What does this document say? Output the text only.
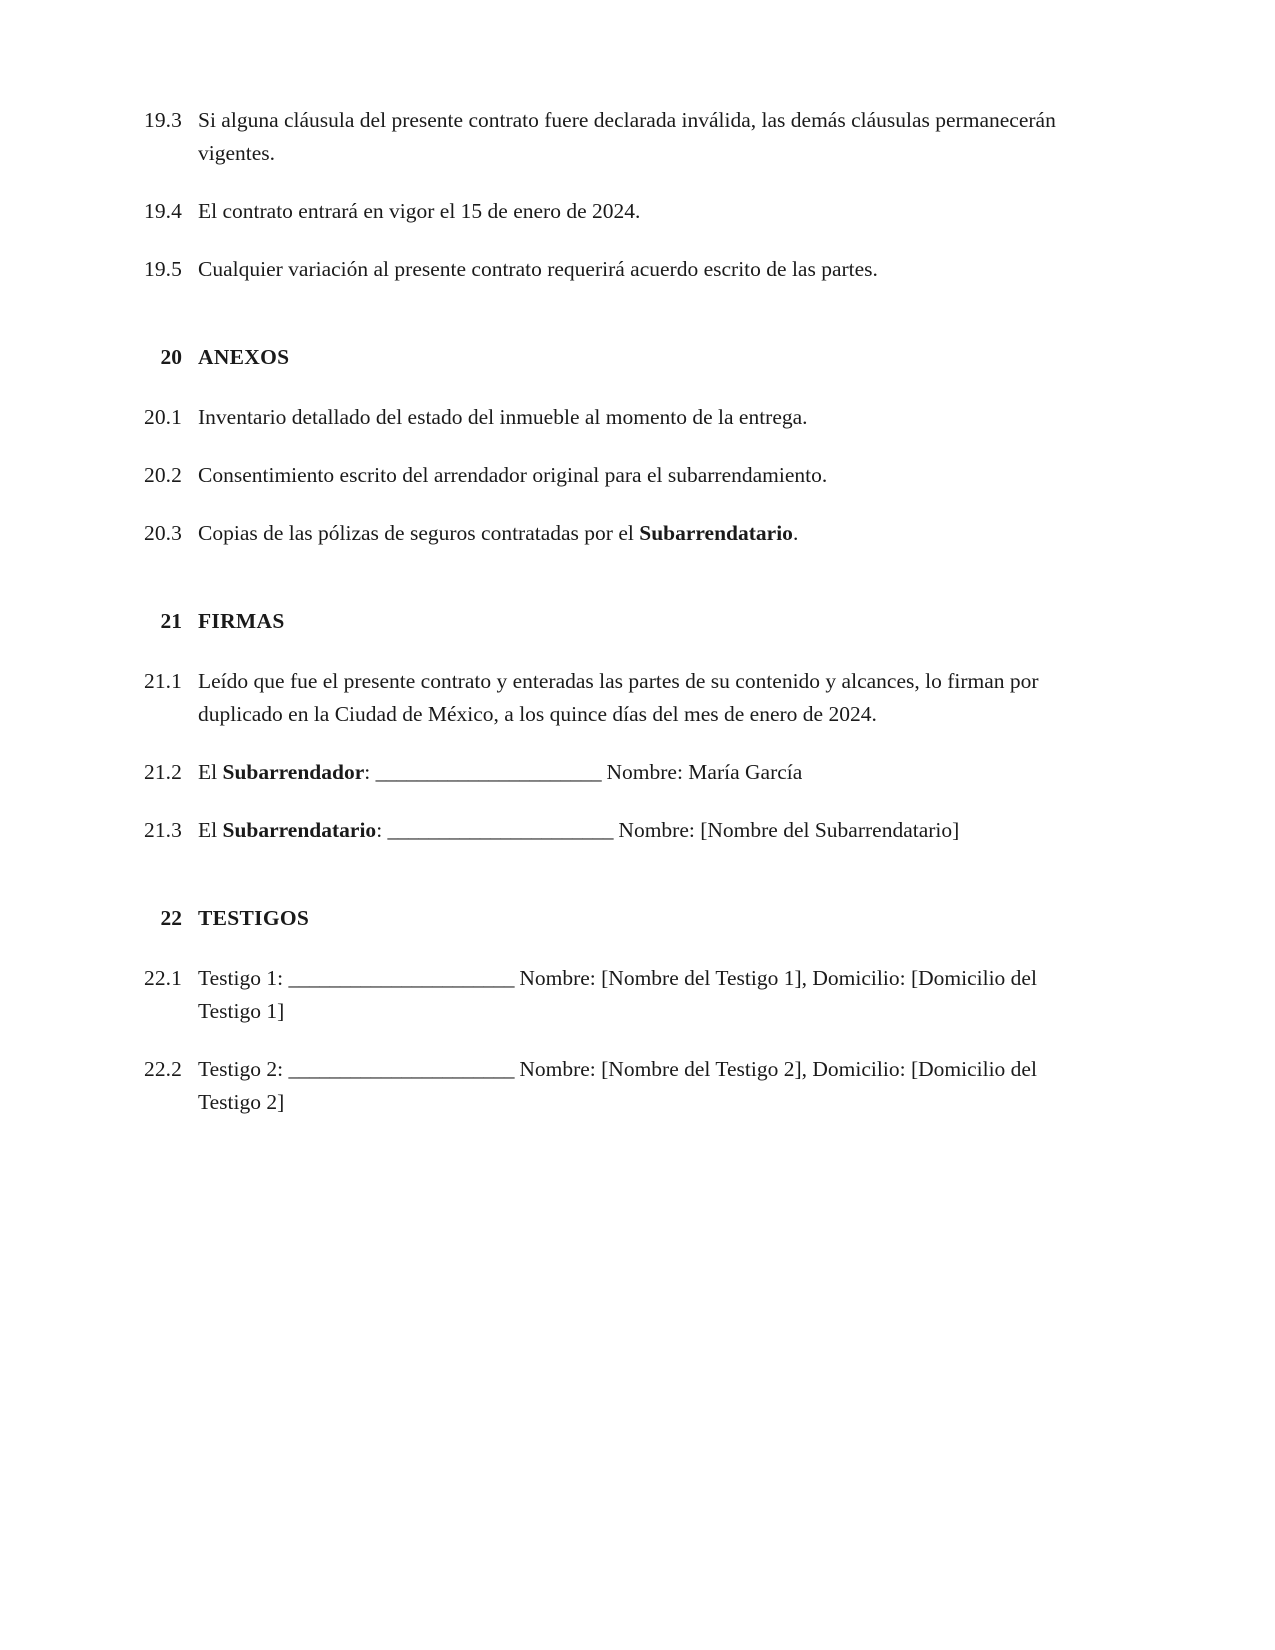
19.3 Si alguna cláusula del presente contrato fuere declarada inválida, las demás cláusulas permanecerán vigentes.
19.4 El contrato entrará en vigor el 15 de enero de 2024.
19.5 Cualquier variación al presente contrato requerirá acuerdo escrito de las partes.
20 ANEXOS
20.1 Inventario detallado del estado del inmueble al momento de la entrega.
20.2 Consentimiento escrito del arrendador original para el subarrendamiento.
20.3 Copias de las pólizas de seguros contratadas por el Subarrendatario.
21 FIRMAS
21.1 Leído que fue el presente contrato y enteradas las partes de su contenido y alcances, lo firman por duplicado en la Ciudad de México, a los quince días del mes de enero de 2024.
21.2 El Subarrendador: ______________________ Nombre: María García
21.3 El Subarrendatario: ______________________ Nombre: [Nombre del Subarrendatario]
22 TESTIGOS
22.1 Testigo 1: ______________________ Nombre: [Nombre del Testigo 1], Domicilio: [Domicilio del Testigo 1]
22.2 Testigo 2: ______________________ Nombre: [Nombre del Testigo 2], Domicilio: [Domicilio del Testigo 2]
